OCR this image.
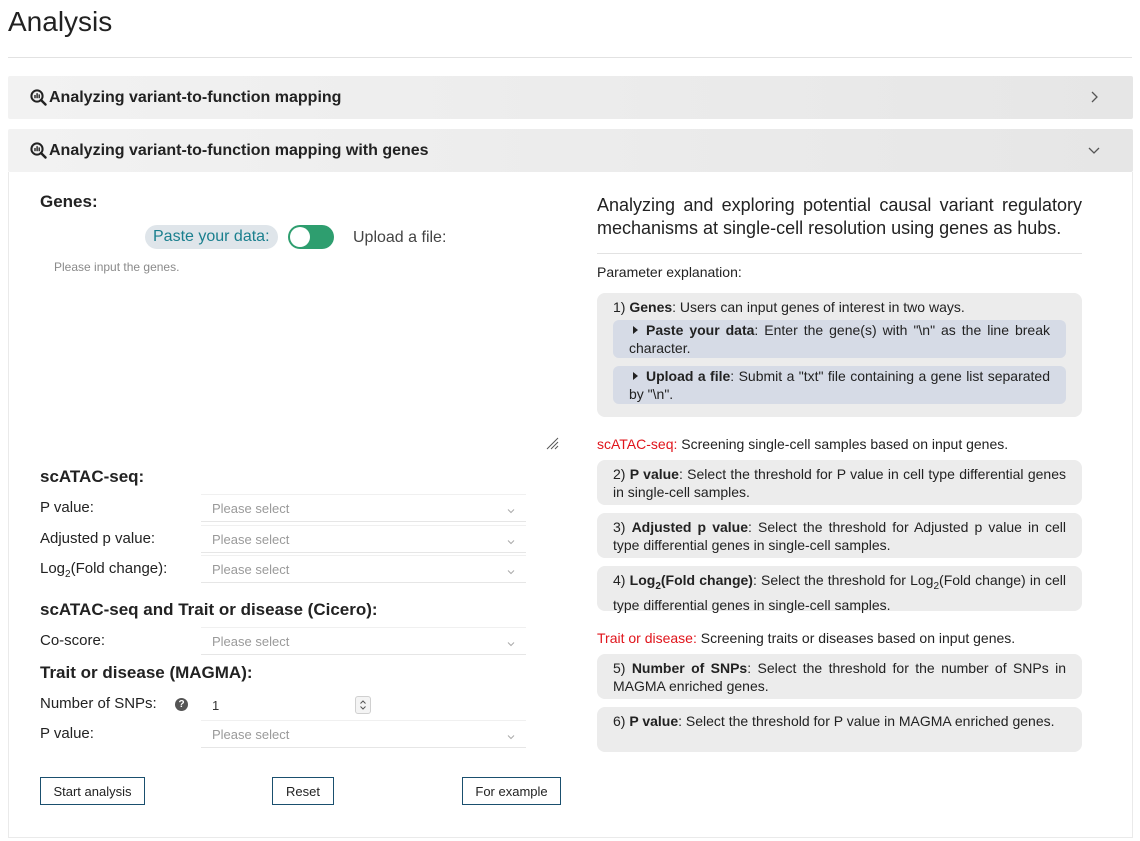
Analysis
Analyzing variant-to-function mapping
Analyzing variant-to-function mapping with genes
Genes:
Paste your data:	Upload a file:
Please input the genes.
scATAC-seq:
P value:	Please select
Adjusted p value:	Please select
Log$_2$(Fold change):	Please select
scATAC-seq and Trait or disease (Cicero):
Co-score:	Please select
Trait or disease (MAGMA):
Number of SNPs:	? 1
P value:	Please select
Start analysis	Reset	For example
Analyzing and exploring potential causal variant regulatory mechanisms at single-cell resolution using genes as hubs.
Parameter explanation:
1) Genes: Users can input genes of interest in two ways.
Paste your data: Enter the gene(s) with "\n" as the line break character.
Upload a file: Submit a "txt" file containing a gene list separated by "\n".
scATAC-seq: Screening single-cell samples based on input genes.
2) P value: Select the threshold for P value in cell type differential genes in single-cell samples.
3) Adjusted p value: Select the threshold for Adjusted p value in cell type differential genes in single-cell samples.
4) Log$_2$(Fold change): Select the threshold for Log$_2$(Fold change) in cell type differential genes in single-cell samples.
Trait or disease: Screening traits or diseases based on input genes.
5) Number of SNPs: Select the threshold for the number of SNPs in MAGMA enriched genes.
6) P value: Select the threshold for P value in MAGMA enriched genes.
